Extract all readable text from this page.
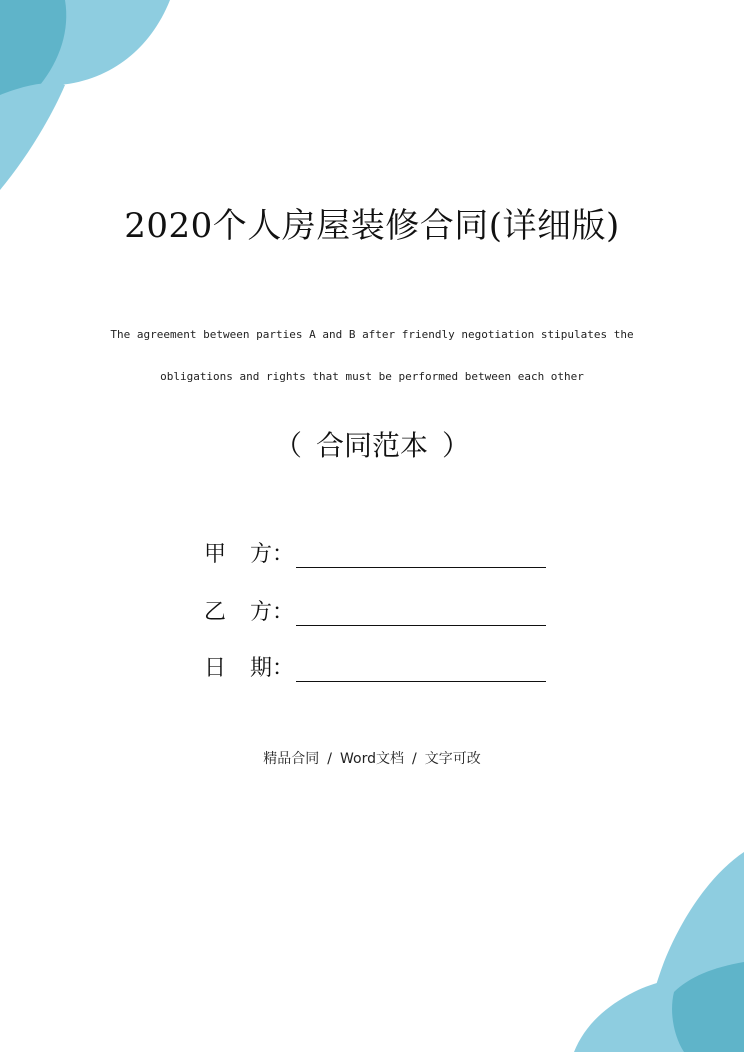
2020个人房屋装修合同(详细版)
The agreement between parties A and B after friendly negotiation stipulates the
obligations and rights that must be performed between each other
（ 合同范本 ）
甲 方：
乙 方：
日 期：
精品合同 / Word文档 / 文字可改
